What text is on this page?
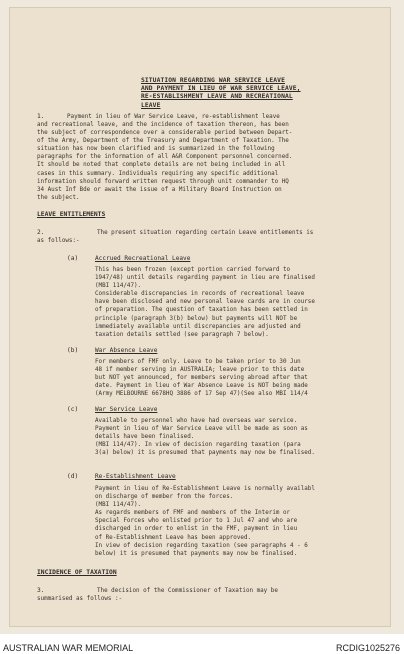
SITUATION REGARDING WAR SERVICE LEAVE
AND PAYMENT IN LIEU OF WAR SERVICE LEAVE,
RE-ESTABLISHMENT LEAVE AND RECREATIONAL
LEAVE
1.	Payment in lieu of War Service Leave, re-establishment leave
and recreational leave, and the incidence of taxation thereon, has been
the subject of correspondence over a considerable period between Depart-
of the Army, Department of the Treasury and Department of Taxation. The
situation has now been clarified and is summarized in the following
paragraphs for the information of all A&R Component personnel concerned.
It should be noted that complete details are not being included in all
cases in this summary. Individuals requiring any specific additional
information should forward written request through unit commander to HQ
34 Aust Inf Bde or await the issue of a Military Board Instruction on
the subject.
LEAVE ENTITLEMENTS
2.	The present situation regarding certain Leave entitlements is
as follows:-
(a)	Accrued Recreational Leave
This has been frozen (except portion carried forward to
1947/48) until details regarding payment in lieu are finalised
(MBI 114/47).
Considerable discrepancies in records of recreational leave
have been disclosed and new personal leave cards are in course
of preparation. The question of taxation has been settled in
principle (paragraph 3(b) below) but payments will NOT be
immediately available until discrepancies are adjusted and
taxation details settled (see paragraph 7 below).
(b)	War Absence Leave
For members of FMF only. Leave to be taken prior to 30 Jun
48 if member serving in AUSTRALIA; leave prior to this date
but NOT yet announced, for members serving abroad after that
date. Payment in lieu of War Absence Leave is NOT being made
(Army MELBOURNE 6678HQ 3886 of 17 Sep 47)(See also MBI 114/4
(c)	War Service Leave
Available to personnel who have had overseas war service.
Payment in lieu of War Service Leave will be made as soon as
details have been finalised.
(MBI 114/47). In view of decision regarding taxation (para
3(a) below) it is presumed that payments may now be finalised.
(d)	Re-Establishment Leave
Payment in lieu of Re-Establishment Leave is normally availabl
on discharge of member from the forces.
(MBI 114/47).
As regards members of FMF and members of the Interim or
Special Forces who enlisted prior to 1 Jul 47 and who are
discharged in order to enlist in the FMF, payment in lieu
of Re-Establishment Leave has been approved.
In view of decision regarding taxation (see paragraphs 4 - 6
below) it is presumed that payments may now be finalised.
INCIDENCE OF TAXATION
3.	The decision of the Commissioner of Taxation may be
summarised as follows :-
AUSTRALIAN WAR MEMORIAL	RCDIG1025276
